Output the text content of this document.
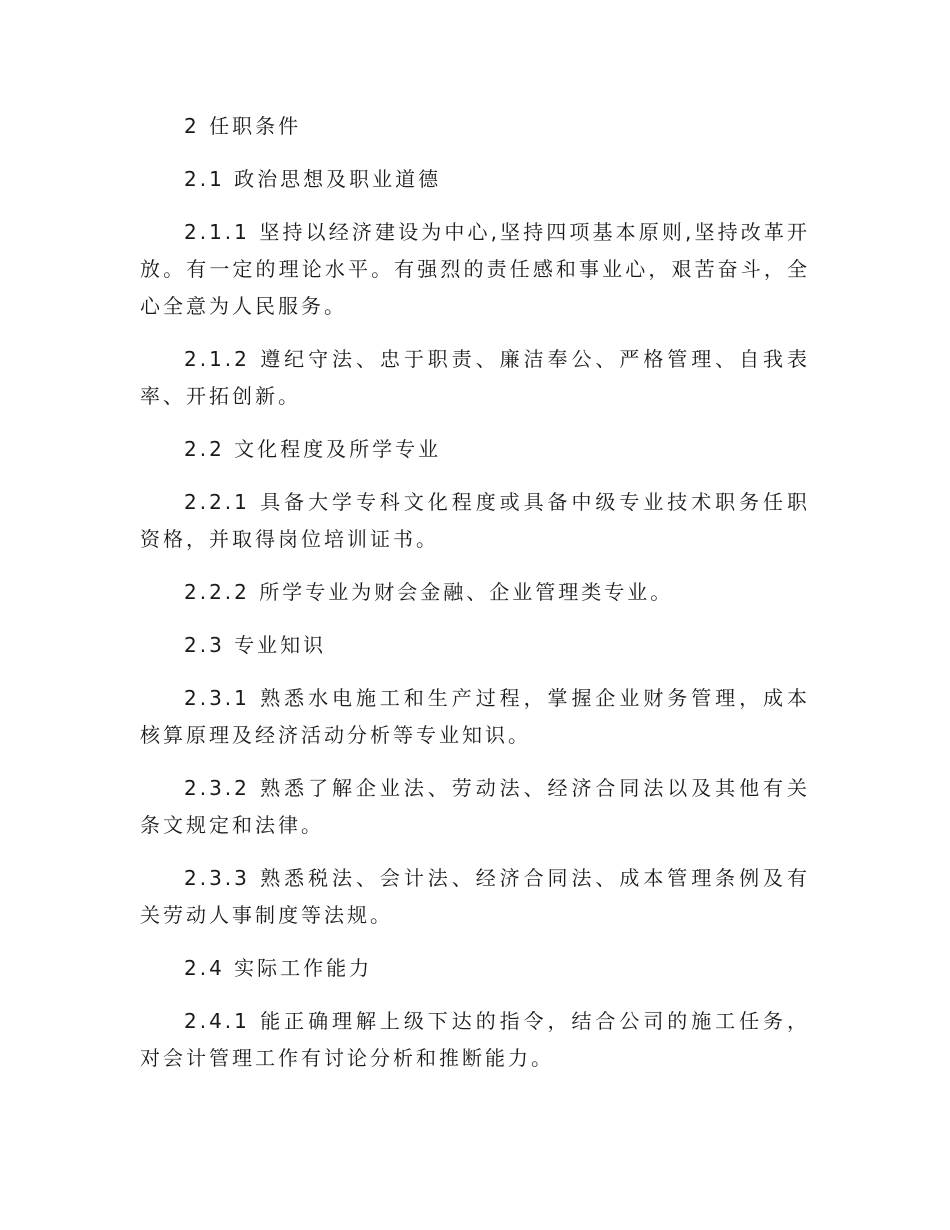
2 任职条件

2.1 政治思想及职业道德

2.1.1 坚持以经济建设为中心,坚持四项基本原则,坚持改革开放。有一定的理论水平。有强烈的责任感和事业心，艰苦奋斗，全心全意为人民服务。

2.1.2 遵纪守法、忠于职责、廉洁奉公、严格管理、自我表率、开拓创新。

2.2 文化程度及所学专业

2.2.1 具备大学专科文化程度或具备中级专业技术职务任职资格，并取得岗位培训证书。

2.2.2 所学专业为财会金融、企业管理类专业。

2.3 专业知识

2.3.1 熟悉水电施工和生产过程，掌握企业财务管理，成本核算原理及经济活动分析等专业知识。

2.3.2 熟悉了解企业法、劳动法、经济合同法以及其他有关条文规定和法律。

2.3.3 熟悉税法、会计法、经济合同法、成本管理条例及有关劳动人事制度等法规。

2.4 实际工作能力

2.4.1 能正确理解上级下达的指令，结合公司的施工任务，对会计管理工作有讨论分析和推断能力。
